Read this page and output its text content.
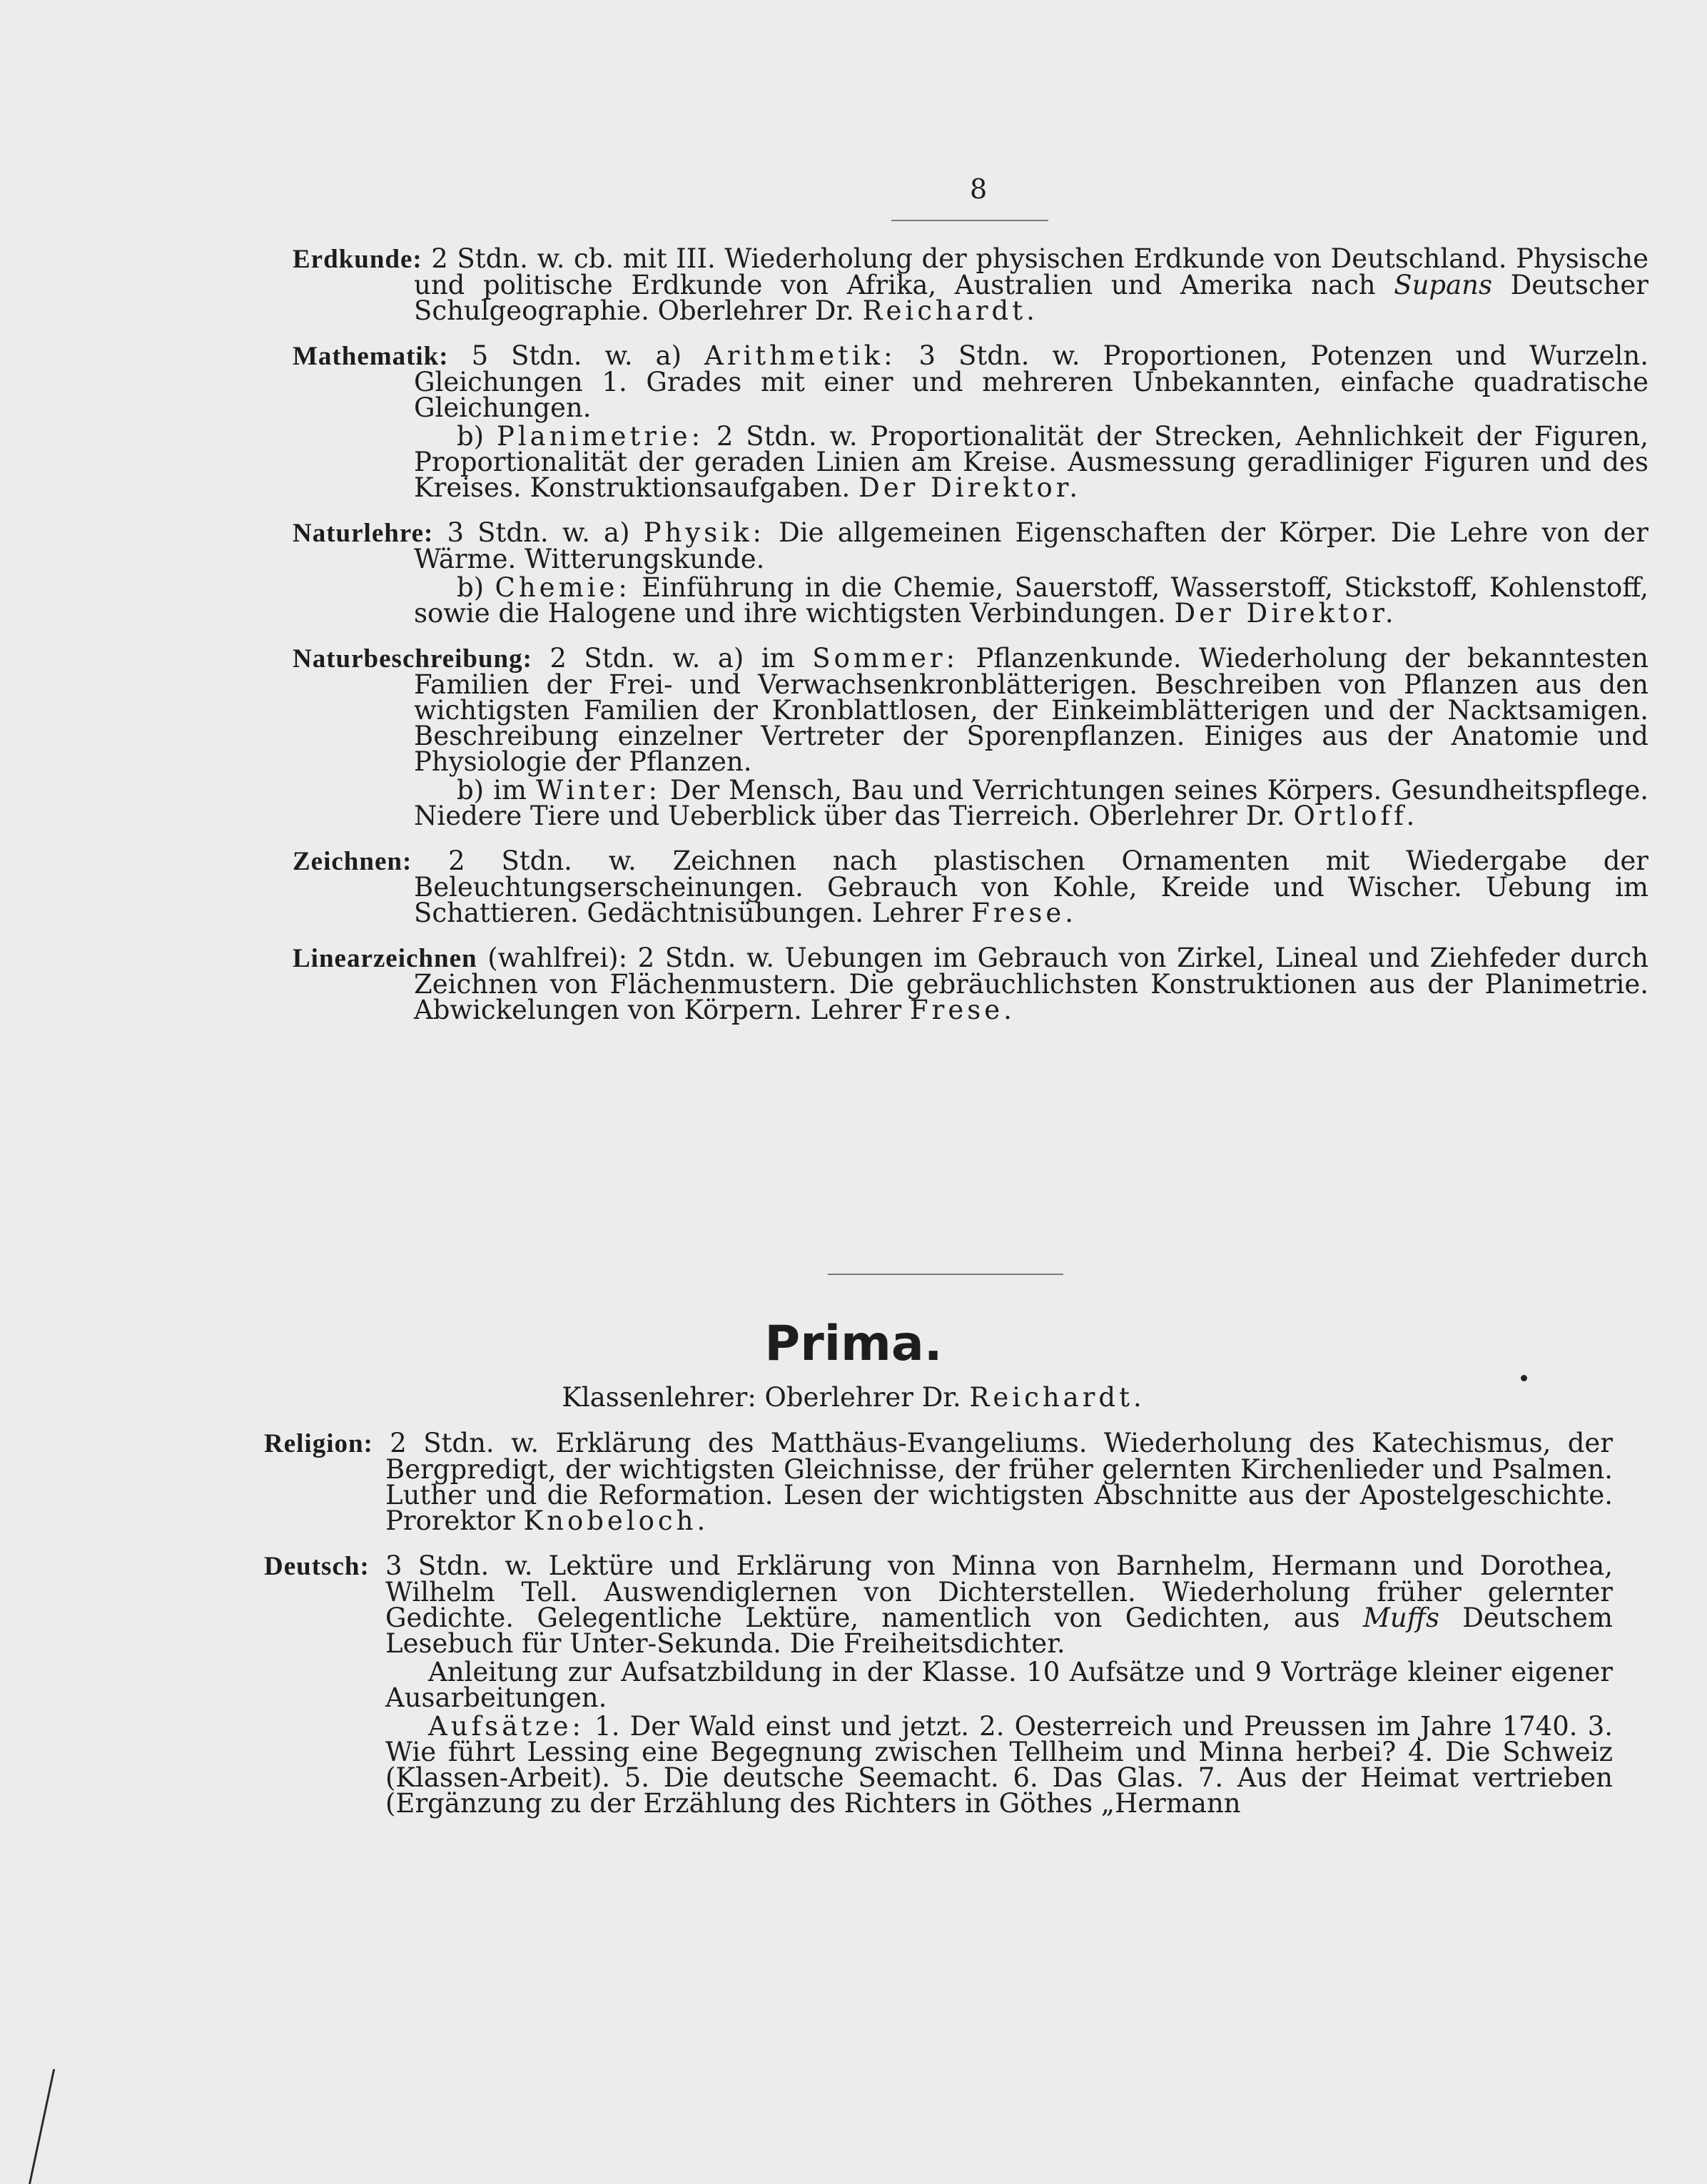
8

Erdkunde: 2 Stdn. w. cb. mit III. Wiederholung der physischen Erdkunde von Deutschland. Physische und politische Erdkunde von Afrika, Australien und Amerika nach Supans Deutscher Schulgeographie. Oberlehrer Dr. Reichardt.

Mathematik: 5 Stdn. w. a) Arithmetik: 3 Stdn. w. Proportionen, Potenzen und Wurzeln. Gleichungen 1. Grades mit einer und mehreren Unbekannten, einfache quadratische Gleichungen.

b) Planimetrie: 2 Stdn. w. Proportionalität der Strecken, Aehnlichkeit der Figuren, Proportionalität der geraden Linien am Kreise. Ausmessung geradliniger Figuren und des Kreises. Konstruktionsaufgaben. Der Direktor.

Naturlehre: 3 Stdn. w. a) Physik: Die allgemeinen Eigenschaften der Körper. Die Lehre von der Wärme. Witterungskunde.

b) Chemie: Einführung in die Chemie, Sauerstoff, Wasserstoff, Stickstoff, Kohlenstoff, sowie die Halogene und ihre wichtigsten Verbindungen. Der Direktor.

Naturbeschreibung: 2 Stdn. w. a) im Sommer: Pflanzenkunde. Wiederholung der bekanntesten Familien der Frei- und Verwachsenkronblätterigen. Beschreiben von Pflanzen aus den wichtigsten Familien der Kronblattlosen, der Einkeimblätterigen und der Nacktsamigen. Beschreibung einzelner Vertreter der Sporenpflanzen. Einiges aus der Anatomie und Physiologie der Pflanzen.

b) im Winter: Der Mensch, Bau und Verrichtungen seines Körpers. Gesundheitspflege. Niedere Tiere und Ueberblick über das Tierreich. Oberlehrer Dr. Ortloff.

Zeichnen: 2 Stdn. w. Zeichnen nach plastischen Ornamenten mit Wiedergabe der Beleuchtungserscheinungen. Gebrauch von Kohle, Kreide und Wischer. Uebung im Schattieren. Gedächtnisübungen. Lehrer Frese.

Linearzeichnen (wahlfrei): 2 Stdn. w. Uebungen im Gebrauch von Zirkel, Lineal und Ziehfeder durch Zeichnen von Flächenmustern. Die gebräuchlichsten Konstruktionen aus der Planimetrie. Abwickelungen von Körpern. Lehrer Frese.

Prima.
Klassenlehrer: Oberlehrer Dr. Reichardt.

Religion: 2 Stdn. w. Erklärung des Matthäus-Evangeliums. Wiederholung des Katechismus, der Bergpredigt, der wichtigsten Gleichnisse, der früher gelernten Kirchenlieder und Psalmen. Luther und die Reformation. Lesen der wichtigsten Abschnitte aus der Apostelgeschichte. Prorektor Knobeloch.

Deutsch: 3 Stdn. w. Lektüre und Erklärung von Minna von Barnhelm, Hermann und Dorothea, Wilhelm Tell. Auswendiglernen von Dichterstellen. Wiederholung früher gelernter Gedichte. Gelegentliche Lektüre, namentlich von Gedichten, aus Muffs Deutschem Lesebuch für Unter-Sekunda. Die Freiheitsdichter.

Anleitung zur Aufsatzbildung in der Klasse. 10 Aufsätze und 9 Vorträge kleiner eigener Ausarbeitungen.

Aufsätze: 1. Der Wald einst und jetzt. 2. Oesterreich und Preussen im Jahre 1740. 3. Wie führt Lessing eine Begegnung zwischen Tellheim und Minna herbei? 4. Die Schweiz (Klassen-Arbeit). 5. Die deutsche Seemacht. 6. Das Glas. 7. Aus der Heimat vertrieben (Ergänzung zu der Erzählung des Richters in Göthes „Hermann
